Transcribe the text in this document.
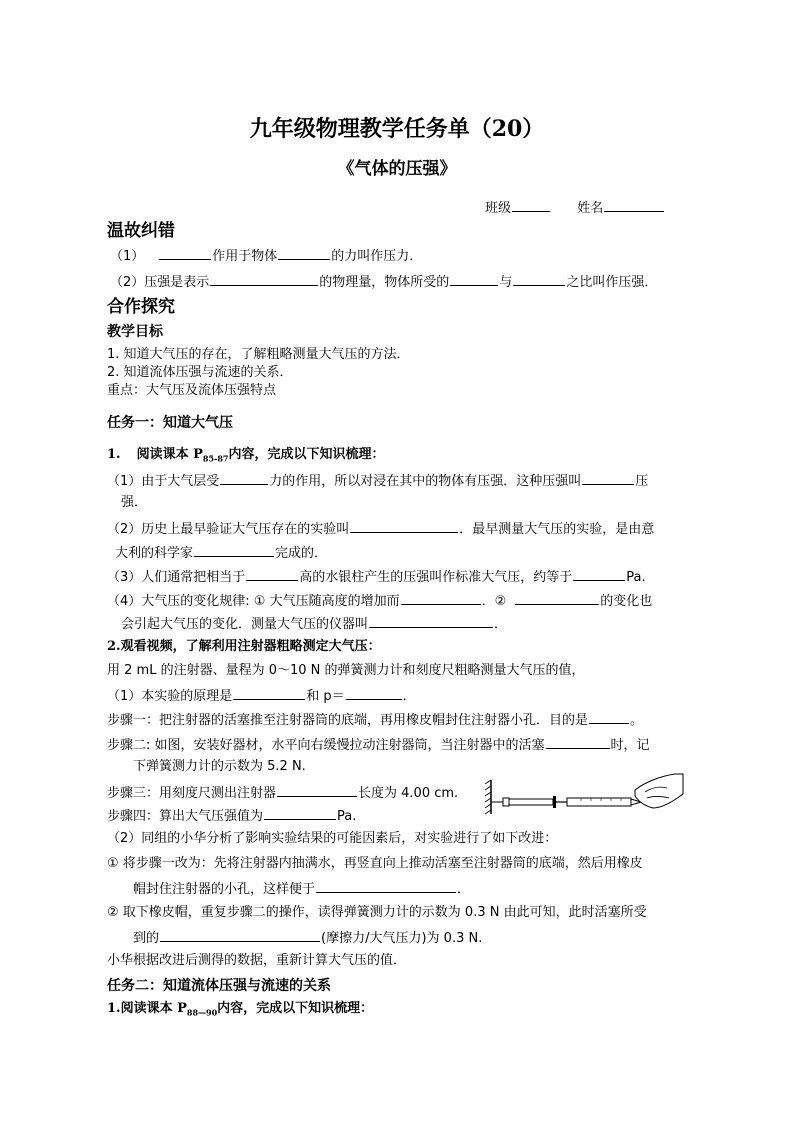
九年级物理教学任务单（20）
《气体的压强》
班级	姓名
温故纠错
（1）	作用于物体	的力叫作压力．
（2）压强是表示	的物理量，物体所受的	与	之比叫作压强．
合作探究
教学目标
1. 知道大气压的存在，了解粗略测量大气压的方法．
2. 知道流体压强与流速的关系．
重点：大气压及流体压强特点
任务一：知道大气压
1. 阅读课本 $P_{85-87}$内容，完成以下知识梳理：
（1）由于大气层受	力的作用，所以对浸在其中的物体有压强．这种压强叫	压
强．
（2）历史上最早验证大气压存在的实验叫	．最早测量大气压的实验，是由意
大利的科学家	完成的．
（3）人们通常把相当于	高的水银柱产生的压强叫作标准大气压，约等于	Pa.
（4）大气压的变化规律: ① 大气压随高度的增加而	．②	的变化也
会引起大气压的变化．测量大气压的仪器叫	．
2.观看视频，了解利用注射器粗略测定大气压：
用 2 mL 的注射器、量程为 0～10 N 的弹簧测力计和刻度尺粗略测量大气压的值，
（1）本实验的原理是	和 p＝	．
步骤一：把注射器的活塞推至注射器筒的底端，再用橡皮帽封住注射器小孔．目的是	。
步骤二: 如图，安装好器材，水平向右缓慢拉动注射器筒，当注射器中的活塞	时，记
下弹簧测力计的示数为 5.2 N.
步骤三：用刻度尺测出注射器	长度为 4.00 cm.
步骤四：算出大气压强值为	Pa.
（2）同组的小华分析了影响实验结果的可能因素后，对实验进行了如下改进：
① 将步骤一改为：先将注射器内抽满水，再竖直向上推动活塞至注射器筒的底端，然后用橡皮
帽封住注射器的小孔，这样便于	．
② 取下橡皮帽，重复步骤二的操作，读得弹簧测力计的示数为 0.3 N 由此可知，此时活塞所受
到的	(摩擦力/大气压力)为 0.3 N.
小华根据改进后测得的数据，重新计算大气压的值．
任务二：知道流体压强与流速的关系
1.阅读课本 $P_{88—90}$内容，完成以下知识梳理：
